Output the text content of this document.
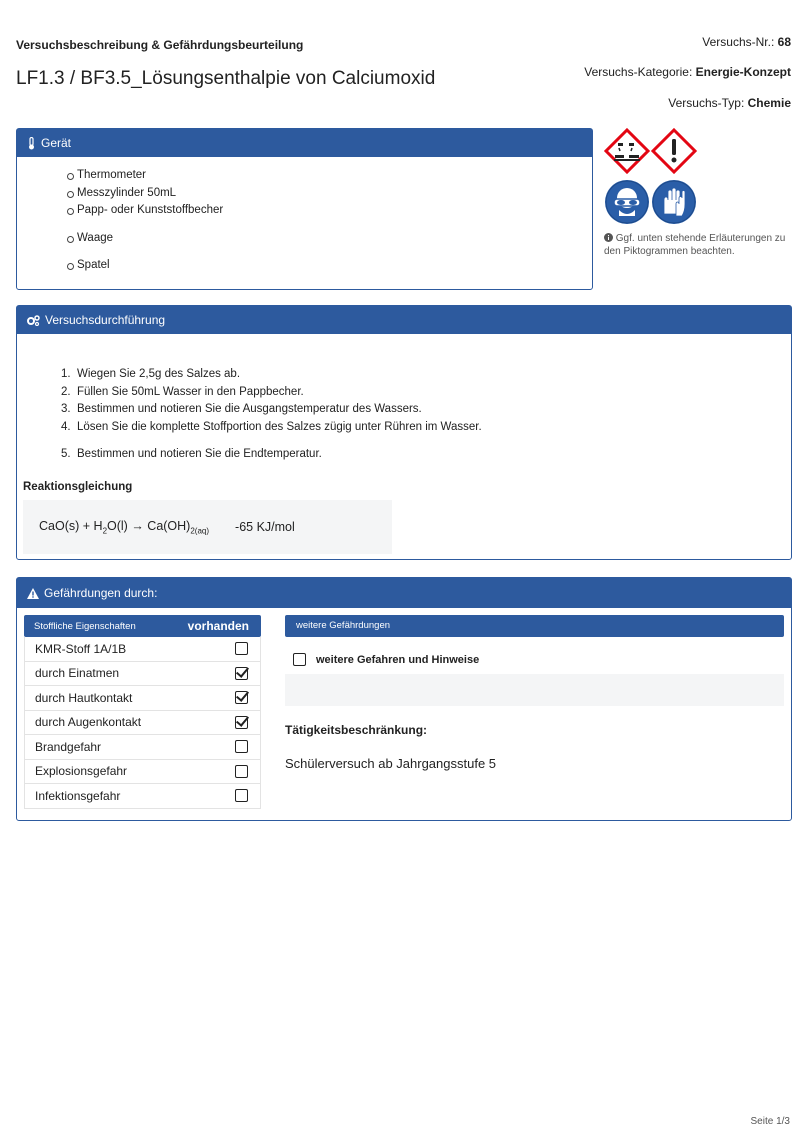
Versuchsbeschreibung & Gefährdungsbeurteilung
LF1.3 / BF3.5_Lösungsenthalpie von Calciumoxid
Versuchs-Nr.: 68
Versuchs-Kategorie: Energie-Konzept
Versuchs-Typ: Chemie
Gerät
Thermometer
Messzylinder 50mL
Papp- oder Kunststoffbecher
Waage
Spatel
Ggf. unten stehende Erläuterungen zu den Piktogrammen beachten.
Versuchsdurchführung
1. Wiegen Sie 2,5g des Salzes ab.
2. Füllen Sie 50mL Wasser in den Pappbecher.
3. Bestimmen und notieren Sie die Ausgangstemperatur des Wassers.
4. Lösen Sie die komplette Stoffportion des Salzes zügig unter Rühren im Wasser.
5. Bestimmen und notieren Sie die Endtemperatur.
Reaktionsgleichung
$CaO(s) + H_2O(l) \to Ca(OH)_{2(aq)}$ -65 KJ/mol
Gefährdungen durch:
Stoffliche Eigenschaften	vorhanden
KMR-Stoff 1A/1B
durch Einatmen
durch Hautkontakt
durch Augenkontakt
Brandgefahr
Explosionsgefahr
Infektionsgefahr
weitere Gefährdungen
weitere Gefahren und Hinweise
Tätigkeitsbeschränkung:
Schülerversuch ab Jahrgangsstufe 5
Seite 1/3
